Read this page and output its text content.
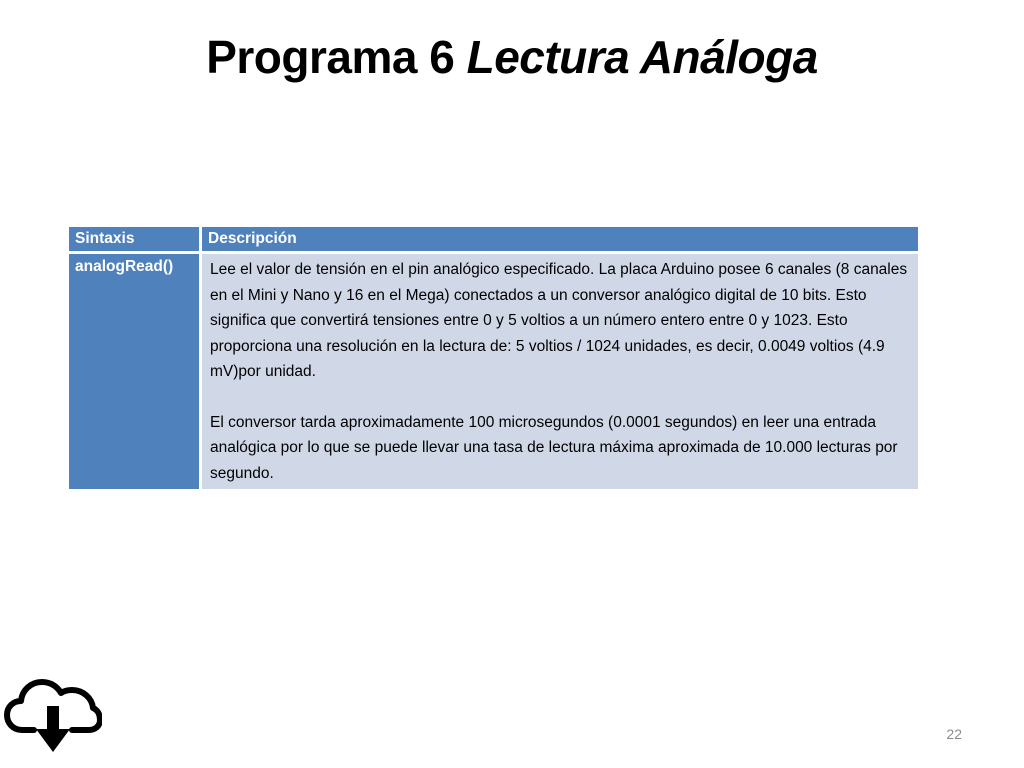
Programa 6 Lectura Análoga
Sintaxis	Descripción
analogRead()	Lee el valor de tensión en el pin analógico especificado. La placa Arduino posee 6 canales (8 canales en el Mini y Nano y 16 en el Mega) conectados a un conversor analógico digital de 10 bits. Esto significa que convertirá tensiones entre 0 y 5 voltios a un número entero entre 0 y 1023. Esto proporciona una resolución en la lectura de: 5 voltios / 1024 unidades, es decir, 0.0049 voltios (4.9 mV)por unidad.

El conversor tarda aproximadamente 100 microsegundos (0.0001 segundos) en leer una entrada analógica por lo que se puede llevar una tasa de lectura máxima aproximada de 10.000 lecturas por segundo.

22
